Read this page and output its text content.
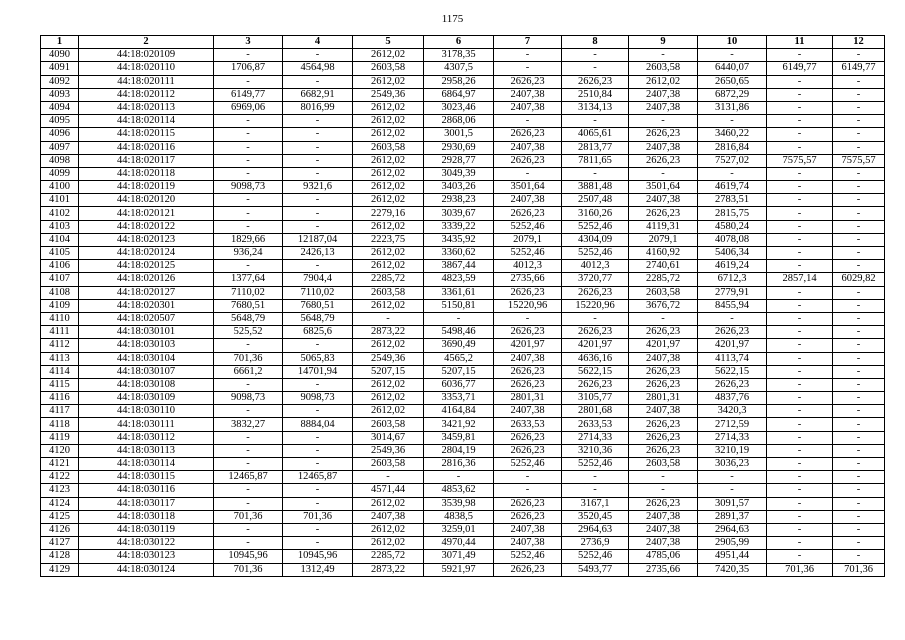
1175
1	2	3	4	5	6	7	8	9	10	11	12
4090	44:18:020109	-	-	2612,02	3178,35	-	-	-	-	-	-
4091	44:18:020110	1706,87	4564,98	2603,58	4307,5	-	-	2603,58	6440,07	6149,77	6149,77
4092	44:18:020111	-	-	2612,02	2958,26	2626,23	2626,23	2612,02	2650,65	-	-
4093	44:18:020112	6149,77	6682,91	2549,36	6864,97	2407,38	2510,84	2407,38	6872,29	-	-
4094	44:18:020113	6969,06	8016,99	2612,02	3023,46	2407,38	3134,13	2407,38	3131,86	-	-
4095	44:18:020114	-	-	2612,02	2868,06	-	-	-	-	-	-
4096	44:18:020115	-	-	2612,02	3001,5	2626,23	4065,61	2626,23	3460,22	-	-
4097	44:18:020116	-	-	2603,58	2930,69	2407,38	2813,77	2407,38	2816,84	-	-
4098	44:18:020117	-	-	2612,02	2928,77	2626,23	7811,65	2626,23	7527,02	7575,57	7575,57
4099	44:18:020118	-	-	2612,02	3049,39	-	-	-	-	-	-
4100	44:18:020119	9098,73	9321,6	2612,02	3403,26	3501,64	3881,48	3501,64	4619,74	-	-
4101	44:18:020120	-	-	2612,02	2938,23	2407,38	2507,48	2407,38	2783,51	-	-
4102	44:18:020121	-	-	2279,16	3039,67	2626,23	3160,26	2626,23	2815,75	-	-
4103	44:18:020122	-	-	2612,02	3339,22	5252,46	5252,46	4119,31	4580,24	-	-
4104	44:18:020123	1829,66	12187,04	2223,75	3435,92	2079,1	4304,09	2079,1	4078,08	-	-
4105	44:18:020124	936,24	2426,13	2612,02	3360,62	5252,46	5252,46	4160,92	5406,34	-	-
4106	44:18:020125	-	-	2612,02	3867,44	4012,3	4012,3	2740,61	4619,24	-	-
4107	44:18:020126	1377,64	7904,4	2285,72	4823,59	2735,66	3720,77	2285,72	6712,3	2857,14	6029,82
4108	44:18:020127	7110,02	7110,02	2603,58	3361,61	2626,23	2626,23	2603,58	2779,91	-	-
4109	44:18:020301	7680,51	7680,51	2612,02	5150,81	15220,96	15220,96	3676,72	8455,94	-	-
4110	44:18:020507	5648,79	5648,79	-	-	-	-	-	-	-	-
4111	44:18:030101	525,52	6825,6	2873,22	5498,46	2626,23	2626,23	2626,23	2626,23	-	-
4112	44:18:030103	-	-	2612,02	3690,49	4201,97	4201,97	4201,97	4201,97	-	-
4113	44:18:030104	701,36	5065,83	2549,36	4565,2	2407,38	4636,16	2407,38	4113,74	-	-
4114	44:18:030107	6661,2	14701,94	5207,15	5207,15	2626,23	5622,15	2626,23	5622,15	-	-
4115	44:18:030108	-	-	2612,02	6036,77	2626,23	2626,23	2626,23	2626,23	-	-
4116	44:18:030109	9098,73	9098,73	2612,02	3353,71	2801,31	3105,77	2801,31	4837,76	-	-
4117	44:18:030110	-	-	2612,02	4164,84	2407,38	2801,68	2407,38	3420,3	-	-
4118	44:18:030111	3832,27	8884,04	2603,58	3421,92	2633,53	2633,53	2626,23	2712,59	-	-
4119	44:18:030112	-	-	3014,67	3459,81	2626,23	2714,33	2626,23	2714,33	-	-
4120	44:18:030113	-	-	2549,36	2804,19	2626,23	3210,36	2626,23	3210,19	-	-
4121	44:18:030114	-	-	2603,58	2816,36	5252,46	5252,46	2603,58	3036,23	-	-
4122	44:18:030115	12465,87	12465,87	-	-	-	-	-	-	-	-
4123	44:18:030116	-	-	4571,44	4853,62	-	-	-	-	-	-
4124	44:18:030117	-	-	2612,02	3539,98	2626,23	3167,1	2626,23	3091,57	-	-
4125	44:18:030118	701,36	701,36	2407,38	4838,5	2626,23	3520,45	2407,38	2891,37	-	-
4126	44:18:030119	-	-	2612,02	3259,01	2407,38	2964,63	2407,38	2964,63	-	-
4127	44:18:030122	-	-	2612,02	4970,44	2407,38	2736,9	2407,38	2905,99	-	-
4128	44:18:030123	10945,96	10945,96	2285,72	3071,49	5252,46	5252,46	4785,06	4951,44	-	-
4129	44:18:030124	701,36	1312,49	2873,22	5921,97	2626,23	5493,77	2735,66	7420,35	701,36	701,36
